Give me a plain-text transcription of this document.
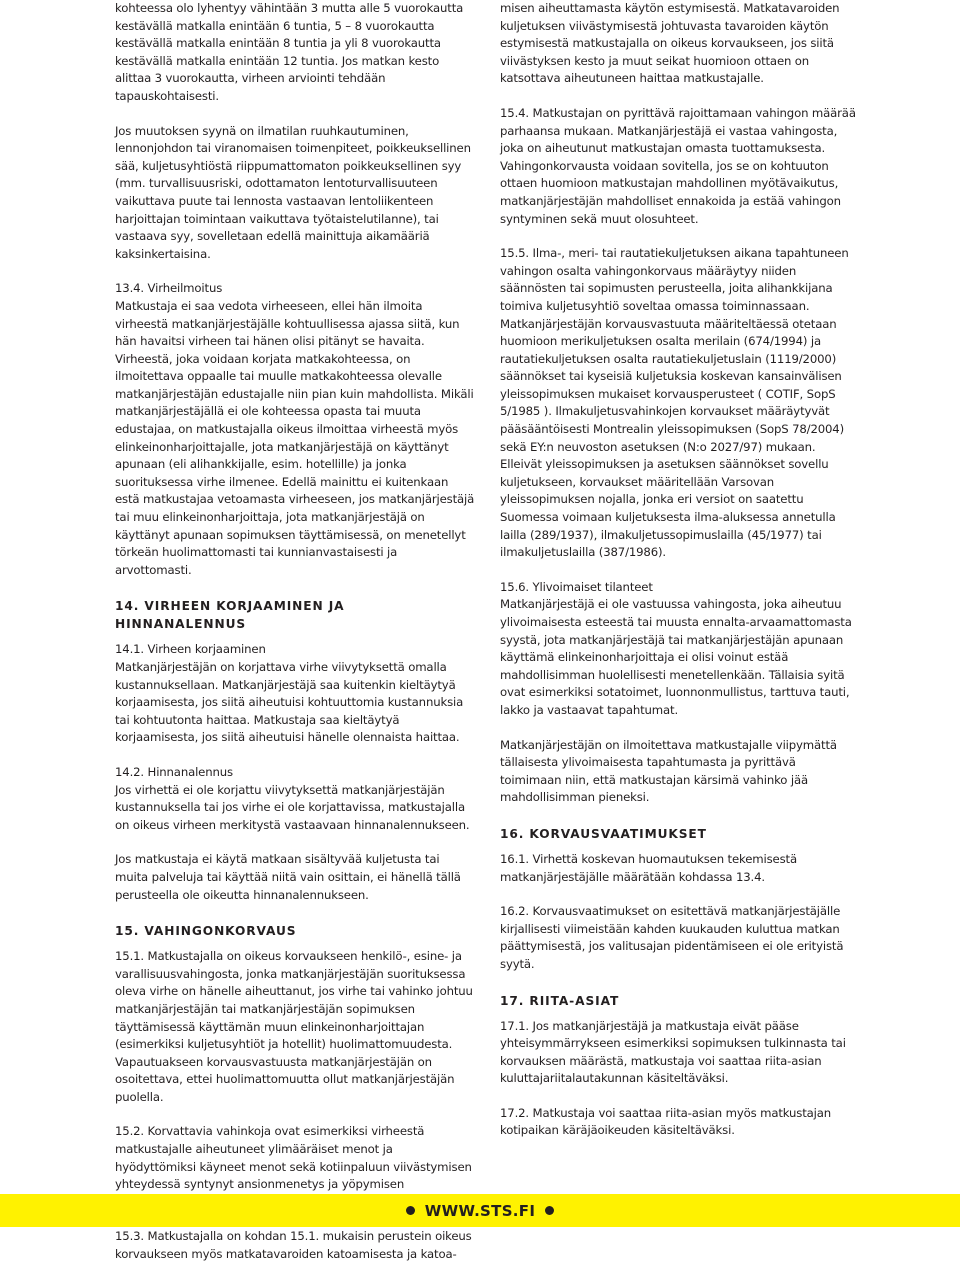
kohteessa olo lyhentyy vähintään 3 mutta alle 5 vuorokautta kestävällä matkalla enintään 6 tuntia, 5 – 8 vuorokautta kestävällä matkalla enintään 8 tuntia ja yli 8 vuorokautta kestävällä matkalla enintään 12 tuntia. Jos matkan kesto alittaa 3 vuorokautta, virheen arviointi tehdään tapauskohtaisesti.

Jos muutoksen syynä on ilmatilan ruuhkautuminen, lennonjohdon tai viranomaisen toimenpiteet, poikkeuksellinen sää, kuljetusyhtiöstä riippumattomaton poikkeuksellinen syy (mm. turvallisuusriski, odottamaton lentoturvallisuuteen vaikuttava puute tai lennosta vastaavan lentoliikenteen harjoittajan toimintaan vaikuttava työtaistelutilanne), tai vastaava syy, sovelletaan edellä mainittuja aikamääriä kaksinkertaisina.

13.4. Virheilmoitus
Matkustaja ei saa vedota virheeseen, ellei hän ilmoita virheestä matkanjärjestäjälle kohtuullisessa ajassa siitä, kun hän havaitsi virheen tai hänen olisi pitänyt se havaita. Virheestä, joka voidaan korjata matkakohteessa, on ilmoitettava oppaalle tai muulle matkakohteessa olevalle matkanjärjestäjän edustajalle niin pian kuin mahdollista. Mikäli matkanjärjestäjällä ei ole kohteessa opasta tai muuta edustajaa, on matkustajalla oikeus ilmoittaa virheestä myös elinkeinonharjoittajalle, jota matkanjärjestäjä on käyttänyt apunaan (eli alihankkijalle, esim. hotellille) ja jonka suorituksessa virhe ilmenee. Edellä mainittu ei kuitenkaan estä matkustajaa vetoamasta virheeseen, jos matkanjärjestäjä tai muu elinkeinonharjoittaja, jota matkanjärjestäjä on käyttänyt apunaan sopimuksen täyttämisessä, on menetellyt törkeän huolimattomasti tai kunnianvastaisesti ja arvottomasti.

14. VIRHEEN KORJAAMINEN JA HINNANALENNUS

14.1. Virheen korjaaminen
Matkanjärjestäjän on korjattava virhe viivytyksettä omalla kustannuksellaan. Matkanjärjestäjä saa kuitenkin kieltäytyä korjaamisesta, jos siitä aiheutuisi kohtuuttomia kustannuksia tai kohtuutonta haittaa. Matkustaja saa kieltäytyä korjaamisesta, jos siitä aiheutuisi hänelle olennaista haittaa.

14.2. Hinnanalennus
Jos virhettä ei ole korjattu viivytyksettä matkanjärjestäjän kustannuksella tai jos virhe ei ole korjattavissa, matkustajalla on oikeus virheen merkitystä vastaavaan hinnanalennukseen.

Jos matkustaja ei käytä matkaan sisältyvää kuljetusta tai muita palveluja tai käyttää niitä vain osittain, ei hänellä tällä perusteella ole oikeutta hinnanalennukseen.

15. VAHINGONKORVAUS

15.1. Matkustajalla on oikeus korvaukseen henkilö-, esine- ja varallisuusvahingosta, jonka matkanjärjestäjän suorituksessa oleva virhe on hänelle aiheuttanut, jos virhe tai vahinko johtuu matkanjärjestäjän tai matkanjärjestäjän sopimuksen täyttämisessä käyttämän muun elinkeinonharjoittajan (esimerkiksi kuljetusyhtiöt ja hotellit) huolimattomuudesta. Vapautuakseen korvausvastuusta matkanjärjestäjän on osoitettava, ettei huolimattomuutta ollut matkanjärjestäjän puolella.

15.2. Korvattavia vahinkoja ovat esimerkiksi virheestä matkustajalle aiheutuneet ylimääräiset menot ja hyödyttömiksi käyneet menot sekä kotiinpaluun viivästymisen yhteydessä syntynyt ansionmenetys ja yöpymisen

15.3. Matkustajalla on kohdan 15.1. mukaisin perustein oikeus korvaukseen myös matkatavaroiden katoamisesta ja katoa-

misen aiheuttamasta käytön estymisestä. Matkatavaroiden kuljetuksen viivästymisestä johtuvasta tavaroiden käytön estymisestä matkustajalla on oikeus korvaukseen, jos siitä viivästyksen kesto ja muut seikat huomioon ottaen on katsottava aiheutuneen haittaa matkustajalle.

15.4. Matkustajan on pyrittävä rajoittamaan vahingon määrää parhaansa mukaan. Matkanjärjestäjä ei vastaa vahingosta, joka on aiheutunut matkustajan omasta tuottamuksesta. Vahingonkorvausta voidaan sovitella, jos se on kohtuuton ottaen huomioon matkustajan mahdollinen myötävaikutus, matkanjärjestäjän mahdolliset ennakoida ja estää vahingon syntyminen sekä muut olosuhteet.

15.5. Ilma-, meri- tai rautatiekuljetuksen aikana tapahtuneen vahingon osalta vahingonkorvaus määräytyy niiden säännösten tai sopimusten perusteella, joita alihankkijana toimiva kuljetusyhtiö soveltaa omassa toiminnassaan. Matkanjärjestäjän korvausvastuuta määriteltäessä otetaan huomioon merikuljetuksen osalta merilain (674/1994) ja rautatiekuljetuksen osalta rautatiekuljetuslain (1119/2000) säännökset tai kyseisiä kuljetuksia koskevan kansainvälisen yleissopimuksen mukaiset korvausperusteet ( COTIF, SopS 5/1985 ). Ilmakuljetusvahinkojen korvaukset määräytyvät pääsääntöisesti Montrealin yleissopimuksen (SopS 78/2004) sekä EY:n neuvoston asetuksen (N:o 2027/97) mukaan. Elleivät yleissopimuksen ja asetuksen säännökset sovellu kuljetukseen, korvaukset määritellään Varsovan yleissopimuksen nojalla, jonka eri versiot on saatettu Suomessa voimaan kuljetuksesta ilma-aluksessa annetulla lailla (289/1937), ilmakuljetussopimuslailla (45/1977) tai ilmakuljetuslailla (387/1986).

15.6. Ylivoimaiset tilanteet
Matkanjärjestäjä ei ole vastuussa vahingosta, joka aiheutuu ylivoimaisesta esteestä tai muusta ennalta-arvaamattomasta syystä, jota matkanjärjestäjä tai matkanjärjestäjän apunaan käyttämä elinkeinonharjoittaja ei olisi voinut estää mahdollisimman huolellisesti menetellenkään. Tällaisia syitä ovat esimerkiksi sotatoimet, luonnonmullistus, tarttuva tauti, lakko ja vastaavat tapahtumat.

Matkanjärjestäjän on ilmoitettava matkustajalle viipymättä tällaisesta ylivoimaisesta tapahtumasta ja pyrittävä toimimaan niin, että matkustajan kärsimä vahinko jää mahdollisimman pieneksi.

16. KORVAUSVAATIMUKSET

16.1. Virhettä koskevan huomautuksen tekemisestä matkanjärjestäjälle määrätään kohdassa 13.4.

16.2. Korvausvaatimukset on esitettävä matkanjärjestäjälle kirjallisesti viimeistään kahden kuukauden kuluttua matkan päättymisestä, jos valitusajan pidentämiseen ei ole erityistä syytä.

17. RIITA-ASIAT

17.1. Jos matkanjärjestäjä ja matkustaja eivät pääse yhteisymmärrykseen esimerkiksi sopimuksen tulkinnasta tai korvauksen määrästä, matkustaja voi saattaa riita-asian kuluttajariitalautakunnan käsiteltäväksi.

17.2. Matkustaja voi saattaa riita-asian myös matkustajan kotipaikan käräjäoikeuden käsiteltäväksi.

WWW.STS.FI
